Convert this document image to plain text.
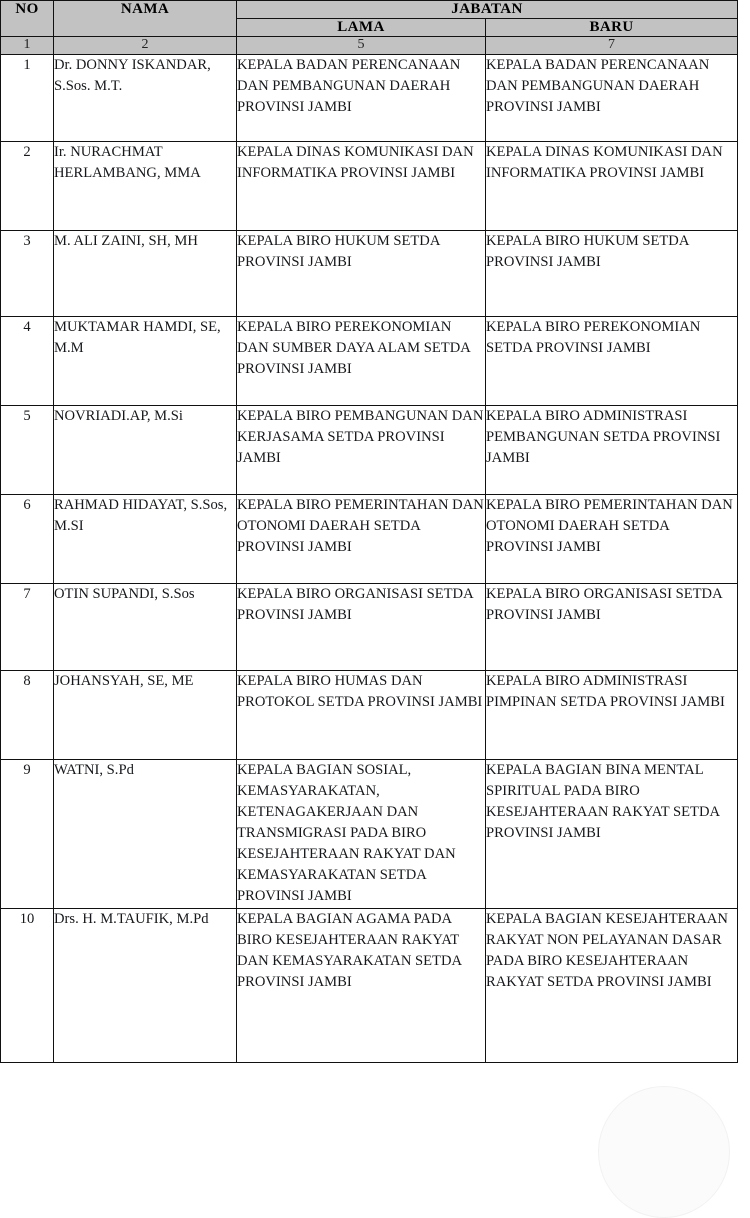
NO	NAMA	JABATAN	
		LAMA	BARU
1	2	5	7
1	Dr. DONNY ISKANDAR, S.Sos. M.T.	KEPALA BADAN PERENCANAAN DAN PEMBANGUNAN DAERAH PROVINSI JAMBI	KEPALA BADAN PERENCANAAN DAN PEMBANGUNAN DAERAH PROVINSI JAMBI
2	Ir. NURACHMAT HERLAMBANG, MMA	KEPALA DINAS KOMUNIKASI DAN INFORMATIKA PROVINSI JAMBI	KEPALA DINAS KOMUNIKASI DAN INFORMATIKA PROVINSI JAMBI
3	M. ALI ZAINI, SH, MH	KEPALA BIRO HUKUM SETDA PROVINSI JAMBI	KEPALA BIRO HUKUM SETDA PROVINSI JAMBI
4	MUKTAMAR HAMDI, SE, M.M	KEPALA BIRO PEREKONOMIAN DAN SUMBER DAYA ALAM SETDA PROVINSI JAMBI	KEPALA BIRO PEREKONOMIAN SETDA PROVINSI JAMBI
5	NOVRIADI.AP, M.Si	KEPALA BIRO PEMBANGUNAN DAN KERJASAMA SETDA PROVINSI JAMBI	KEPALA BIRO ADMINISTRASI PEMBANGUNAN SETDA PROVINSI JAMBI
6	RAHMAD HIDAYAT, S.Sos, M.SI	KEPALA BIRO PEMERINTAHAN DAN OTONOMI DAERAH SETDA PROVINSI JAMBI	KEPALA BIRO PEMERINTAHAN DAN OTONOMI DAERAH SETDA PROVINSI JAMBI
7	OTIN SUPANDI, S.Sos	KEPALA BIRO ORGANISASI SETDA PROVINSI JAMBI	KEPALA BIRO ORGANISASI SETDA PROVINSI JAMBI
8	JOHANSYAH, SE, ME	KEPALA BIRO HUMAS DAN PROTOKOL SETDA PROVINSI JAMBI	KEPALA BIRO ADMINISTRASI PIMPINAN SETDA PROVINSI JAMBI
9	WATNI, S.Pd	KEPALA BAGIAN SOSIAL, KEMASYARAKATAN, KETENAGAKERJAAN DAN TRANSMIGRASI PADA BIRO KESEJAHTERAAN RAKYAT DAN KEMASYARAKATAN SETDA PROVINSI JAMBI	KEPALA BAGIAN BINA MENTAL SPIRITUAL PADA BIRO KESEJAHTERAAN RAKYAT SETDA PROVINSI JAMBI
10	Drs. H. M.TAUFIK, M.Pd	KEPALA BAGIAN AGAMA PADA BIRO KESEJAHTERAAN RAKYAT DAN KEMASYARAKATAN SETDA PROVINSI JAMBI	KEPALA BAGIAN KESEJAHTERAAN RAKYAT NON PELAYANAN DASAR PADA BIRO KESEJAHTERAAN RAKYAT SETDA PROVINSI JAMBI
